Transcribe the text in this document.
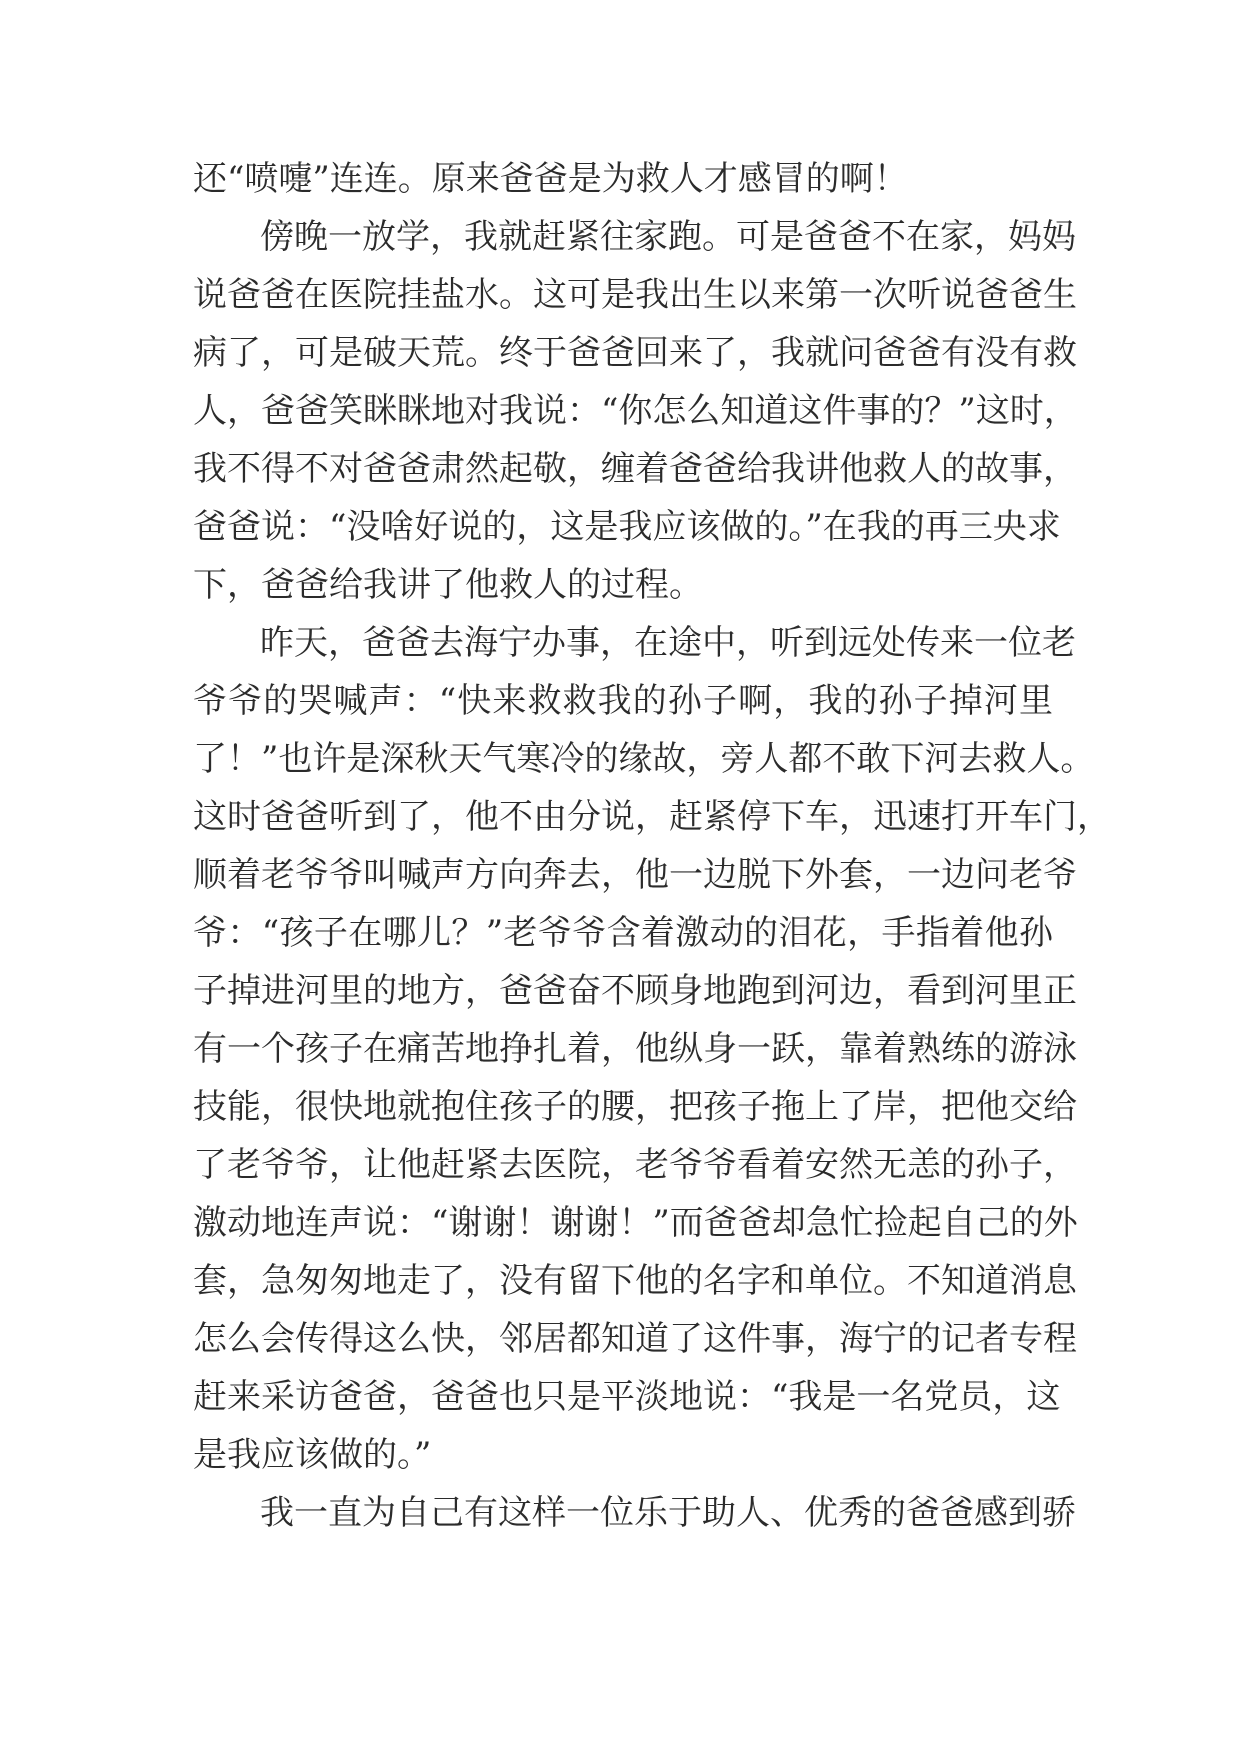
还“喷嚏”连连。原来爸爸是为救人才感冒的啊！
傍晚一放学，我就赶紧往家跑。可是爸爸不在家，妈妈
说爸爸在医院挂盐水。这可是我出生以来第一次听说爸爸生
病了，可是破天荒。终于爸爸回来了，我就问爸爸有没有救
人，爸爸笑眯眯地对我说：“你怎么知道这件事的？”这时，
我不得不对爸爸肃然起敬，缠着爸爸给我讲他救人的故事，
爸爸说：“没啥好说的，这是我应该做的。”在我的再三央求
下，爸爸给我讲了他救人的过程。
昨天，爸爸去海宁办事，在途中，听到远处传来一位老
爷爷的哭喊声：“快来救救我的孙子啊，我的孙子掉河里
了！”也许是深秋天气寒冷的缘故，旁人都不敢下河去救人。
这时爸爸听到了，他不由分说，赶紧停下车，迅速打开车门，
顺着老爷爷叫喊声方向奔去，他一边脱下外套，一边问老爷
爷：“孩子在哪儿？”老爷爷含着激动的泪花，手指着他孙
子掉进河里的地方，爸爸奋不顾身地跑到河边，看到河里正
有一个孩子在痛苦地挣扎着，他纵身一跃，靠着熟练的游泳
技能，很快地就抱住孩子的腰，把孩子拖上了岸，把他交给
了老爷爷，让他赶紧去医院，老爷爷看着安然无恙的孙子，
激动地连声说：“谢谢！谢谢！”而爸爸却急忙捡起自己的外
套，急匆匆地走了，没有留下他的名字和单位。不知道消息
怎么会传得这么快，邻居都知道了这件事，海宁的记者专程
赶来采访爸爸，爸爸也只是平淡地说：“我是一名党员，这
是我应该做的。”
我一直为自己有这样一位乐于助人、优秀的爸爸感到骄
